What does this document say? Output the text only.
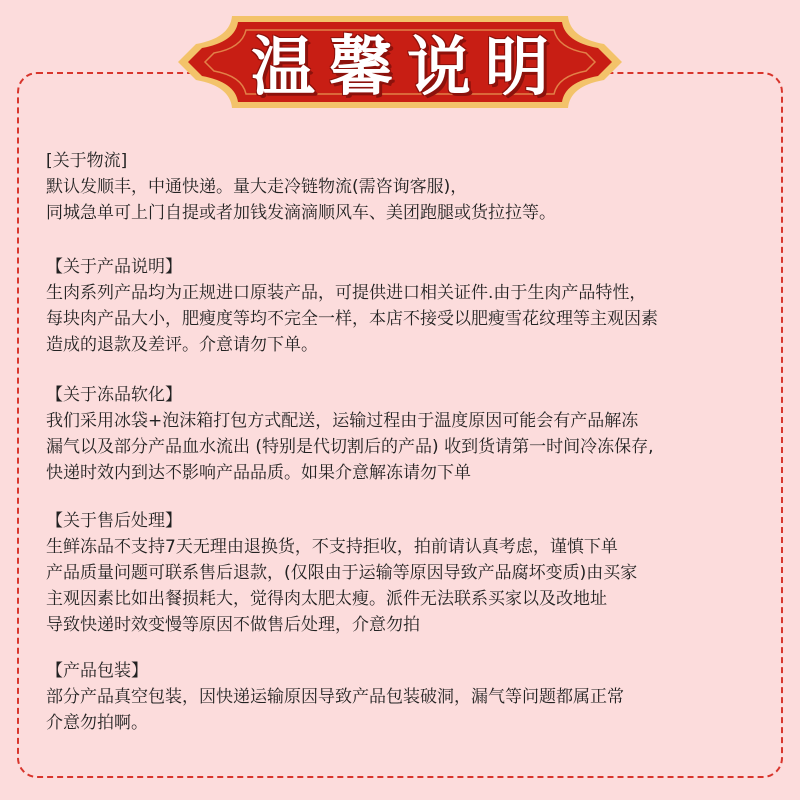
温馨说明
[关于物流]
默认发顺丰，中通快递。量大走冷链物流(需咨询客服)，
同城急单可上门自提或者加钱发滴滴顺风车、美团跑腿或货拉拉等。
【关于产品说明】
生肉系列产品均为正规进口原装产品，可提供进口相关证件.由于生肉产品特性，
每块肉产品大小，肥瘦度等均不完全一样，本店不接受以肥瘦雪花纹理等主观因素
造成的退款及差评。介意请勿下单。
【关于冻品软化】
我们采用冰袋+泡沫箱打包方式配送，运输过程由于温度原因可能会有产品解冻
漏气以及部分产品血水流出 (特别是代切割后的产品) 收到货请第一时间冷冻保存,
快递时效内到达不影响产品品质。如果介意解冻请勿下单
【关于售后处理】
生鲜冻品不支持7天无理由退换货，不支持拒收，拍前请认真考虑，谨慎下单
产品质量问题可联系售后退款，(仅限由于运输等原因导致产品腐坏变质)由买家
主观因素比如出餐损耗大，觉得肉太肥太瘦。派件无法联系买家以及改地址
导致快递时效变慢等原因不做售后处理，介意勿拍
【产品包装】
部分产品真空包装，因快递运输原因导致产品包装破洞，漏气等问题都属正常
介意勿拍啊。
